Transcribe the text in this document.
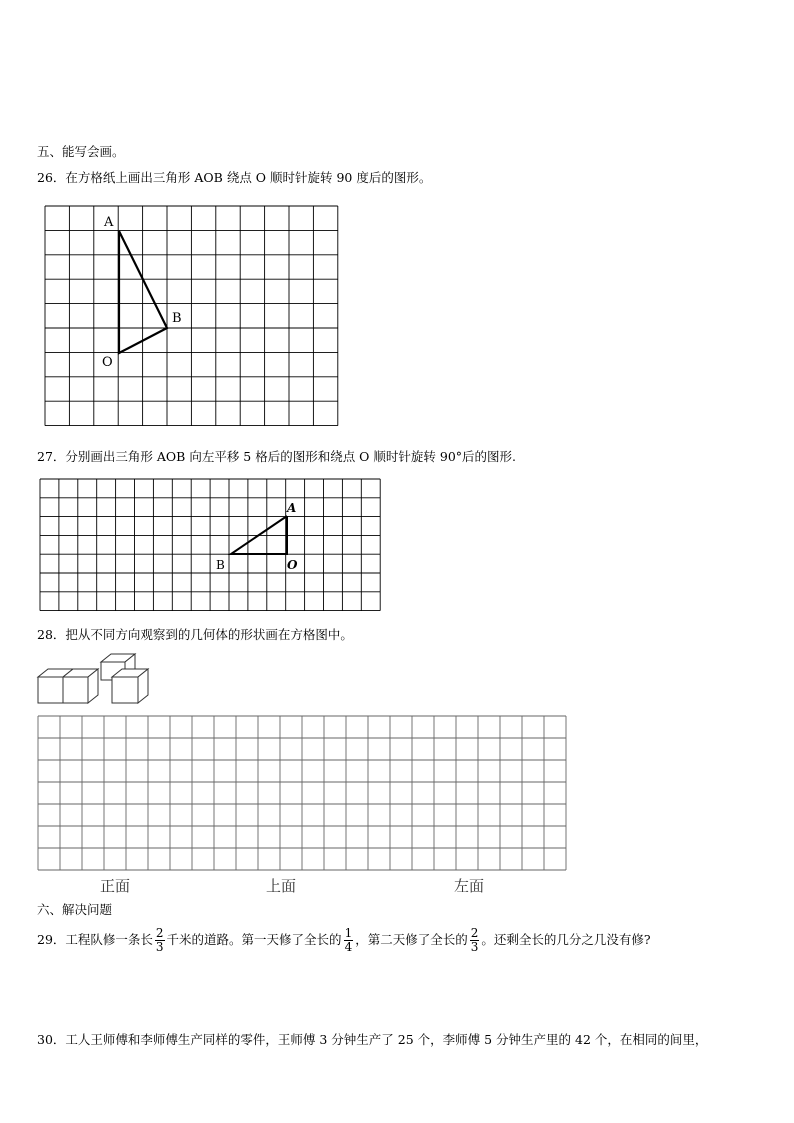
五、能写会画。
26．在方格纸上画出三角形 AOB 绕点 O 顺时针旋转 90 度后的图形。
A
B
O
27．分别画出三角形 AOB 向左平移 5 格后的图形和绕点 O 顺时针旋转 90°后的图形.
A
B	O
28．把从不同方向观察到的几何体的形状画在方格图中。
正面	上面	左面
六、解决问题
29．工程队修一条长 $\frac{2}{3}$ 千米的道路。第一天修了全长的 $\frac{1}{4}$ ，第二天修了全长的 $\frac{2}{3}$ 。还剩全长的几分之几没有修?
30．工人王师傅和李师傅生产同样的零件，王师傅 3 分钟生产了 25 个，李师傅 5 分钟生产里的 42 个，在相同的间里，
